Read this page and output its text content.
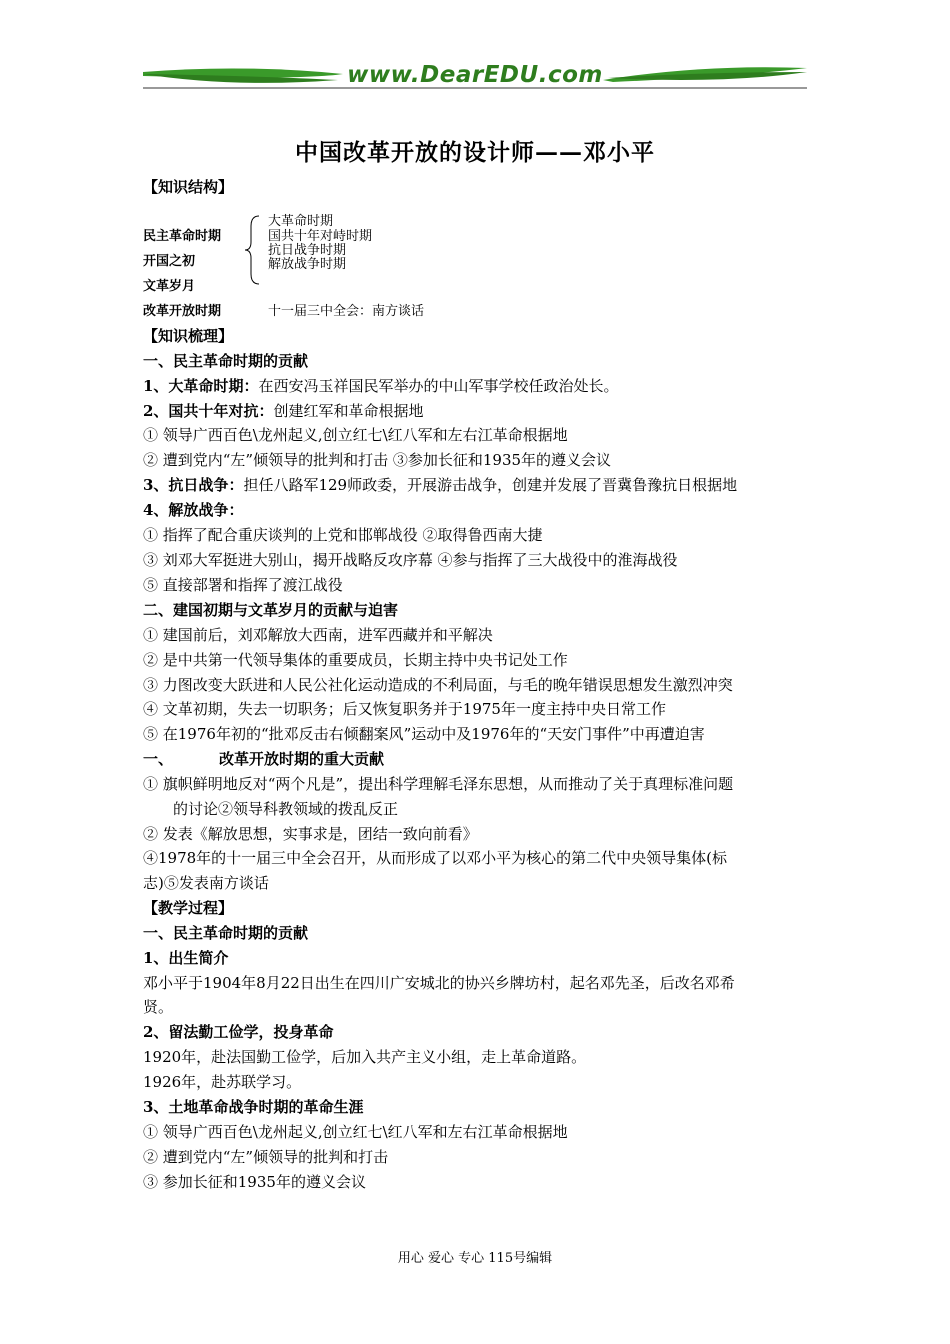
www.DearEDU.com
中国改革开放的设计师——邓小平
【知识结构】
民主革命时期
开国之初
文革岁月
改革开放时期
大革命时期
国共十年对峙时期
抗日战争时期
解放战争时期
十一届三中全会：南方谈话
【知识梳理】
一、民主革命时期的贡献
1、大革命时期：在西安冯玉祥国民军举办的中山军事学校任政治处长。
2、国共十年对抗：创建红军和革命根据地
① 领导广西百色\龙州起义,创立红七\红八军和左右江革命根据地
② 遭到党内“左”倾领导的批判和打击 ③参加长征和1935年的遵义会议
3、抗日战争：担任八路军129师政委，开展游击战争，创建并发展了晋冀鲁豫抗日根据地
4、解放战争：
① 指挥了配合重庆谈判的上党和邯郸战役 ②取得鲁西南大捷
③ 刘邓大军挺进大别山，揭开战略反攻序幕 ④参与指挥了三大战役中的淮海战役
⑤ 直接部署和指挥了渡江战役
二、建国初期与文革岁月的贡献与迫害
① 建国前后，刘邓解放大西南，进军西藏并和平解决
② 是中共第一代领导集体的重要成员，长期主持中央书记处工作
③ 力图改变大跃进和人民公社化运动造成的不利局面，与毛的晚年错误思想发生激烈冲突
④ 文革初期，失去一切职务；后又恢复职务并于1975年一度主持中央日常工作
⑤ 在1976年初的“批邓反击右倾翻案风”运动中及1976年的“天安门事件”中再遭迫害
一、	改革开放时期的重大贡献
① 旗帜鲜明地反对“两个凡是”，提出科学理解毛泽东思想，从而推动了关于真理标准问题
的讨论②领导科教领域的拨乱反正
② 发表《解放思想，实事求是，团结一致向前看》
④1978年的十一届三中全会召开，从而形成了以邓小平为核心的第二代中央领导集体(标
志)⑤发表南方谈话
【教学过程】
一、民主革命时期的贡献
1、出生简介
邓小平于1904年8月22日出生在四川广安城北的协兴乡牌坊村，起名邓先圣，后改名邓希
贤。
2、留法勤工俭学，投身革命
1920年，赴法国勤工俭学，后加入共产主义小组，走上革命道路。
1926年，赴苏联学习。
3、土地革命战争时期的革命生涯
① 领导广西百色\龙州起义,创立红七\红八军和左右江革命根据地
② 遭到党内“左”倾领导的批判和打击
③ 参加长征和1935年的遵义会议
用心 爱心 专心 115号编辑
